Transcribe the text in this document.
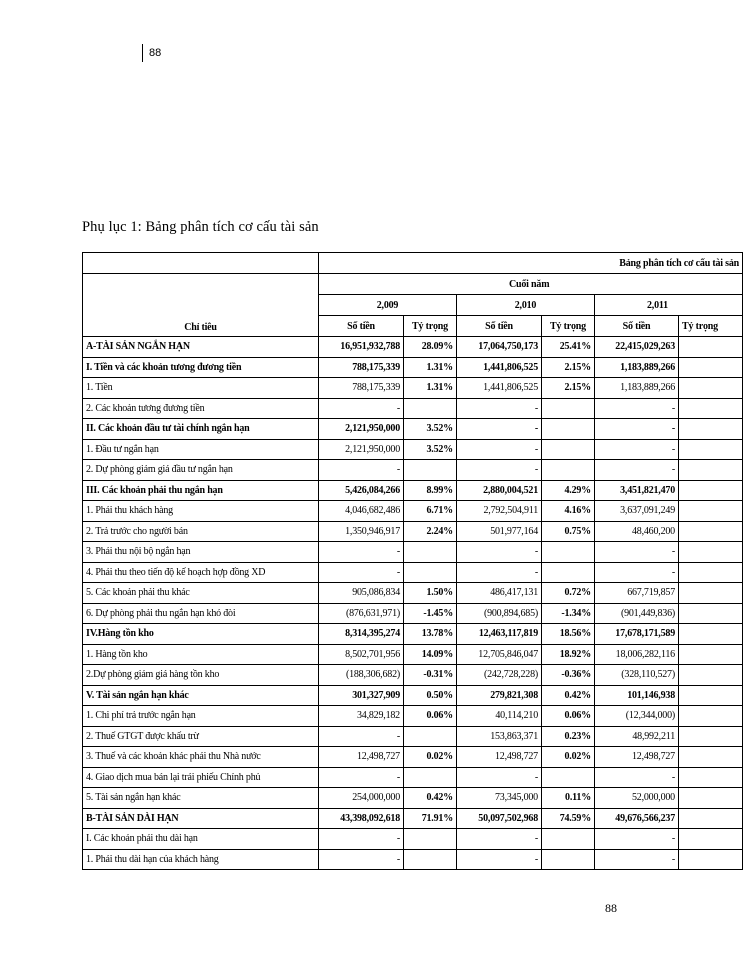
88
Phụ lục 1: Bảng phân tích cơ cấu tài sản
	Bảng phân tích cơ cấu tài sản					
Chỉ tiêu	Cuối năm					
	2,009		2,010		2,011	
	Số tiền	Tỷ trọng	Số tiền	Tỷ trọng	Số tiền	Tỷ trọng
A-TÀI SẢN NGẮN HẠN	16,951,932,788	28.09%	17,064,750,173	25.41%	22,415,029,263	
I. Tiền và các khoản tương đương tiền	788,175,339	1.31%	1,441,806,525	2.15%	1,183,889,266	
1. Tiền	788,175,339	1.31%	1,441,806,525	2.15%	1,183,889,266	
2. Các khoản tương đương tiền	-		-		-	
II. Các khoản đầu tư tài chính ngắn hạn	2,121,950,000	3.52%	-		-	
1. Đầu tư ngắn hạn	2,121,950,000	3.52%	-		-	
2. Dự phòng giảm giá đầu tư ngắn hạn	-		-		-	
III. Các khoản phải thu ngắn hạn	5,426,084,266	8.99%	2,880,004,521	4.29%	3,451,821,470	
1. Phải thu khách hàng	4,046,682,486	6.71%	2,792,504,911	4.16%	3,637,091,249	
2. Trả trước cho người bán	1,350,946,917	2.24%	501,977,164	0.75%	48,460,200	
3. Phải thu nội bộ ngắn hạn	-		-		-	
4. Phải thu theo tiến độ kế hoạch hợp đồng XD	-		-		-	
5. Các khoản phải thu khác	905,086,834	1.50%	486,417,131	0.72%	667,719,857	
6. Dự phòng phải thu ngắn hạn khó đòi	(876,631,971)	-1.45%	(900,894,685)	-1.34%	(901,449,836)	
IV.Hàng tồn kho	8,314,395,274	13.78%	12,463,117,819	18.56%	17,678,171,589	
1. Hàng tồn kho	8,502,701,956	14.09%	12,705,846,047	18.92%	18,006,282,116	
2.Dự phòng giảm giá hàng tồn kho	(188,306,682)	-0.31%	(242,728,228)	-0.36%	(328,110,527)	
V. Tài sản ngắn hạn khác	301,327,909	0.50%	279,821,308	0.42%	101,146,938	
1. Chi phí trả trước ngắn hạn	34,829,182	0.06%	40,114,210	0.06%	(12,344,000)	
2. Thuế GTGT được khấu trừ	-		153,863,371	0.23%	48,992,211	
3. Thuế và các khoản khác phải thu Nhà nước	12,498,727	0.02%	12,498,727	0.02%	12,498,727	
4. Giao dịch mua bán lại trái phiếu Chính phủ	-		-		-	
5. Tài sản ngắn hạn khác	254,000,000	0.42%	73,345,000	0.11%	52,000,000	
B-TÀI SẢN DÀI HẠN	43,398,092,618	71.91%	50,097,502,968	74.59%	49,676,566,237	
I. Các khoản phải thu dài hạn	-		-		-	
1. Phải thu dài hạn của khách hàng	-		-		-	
88
